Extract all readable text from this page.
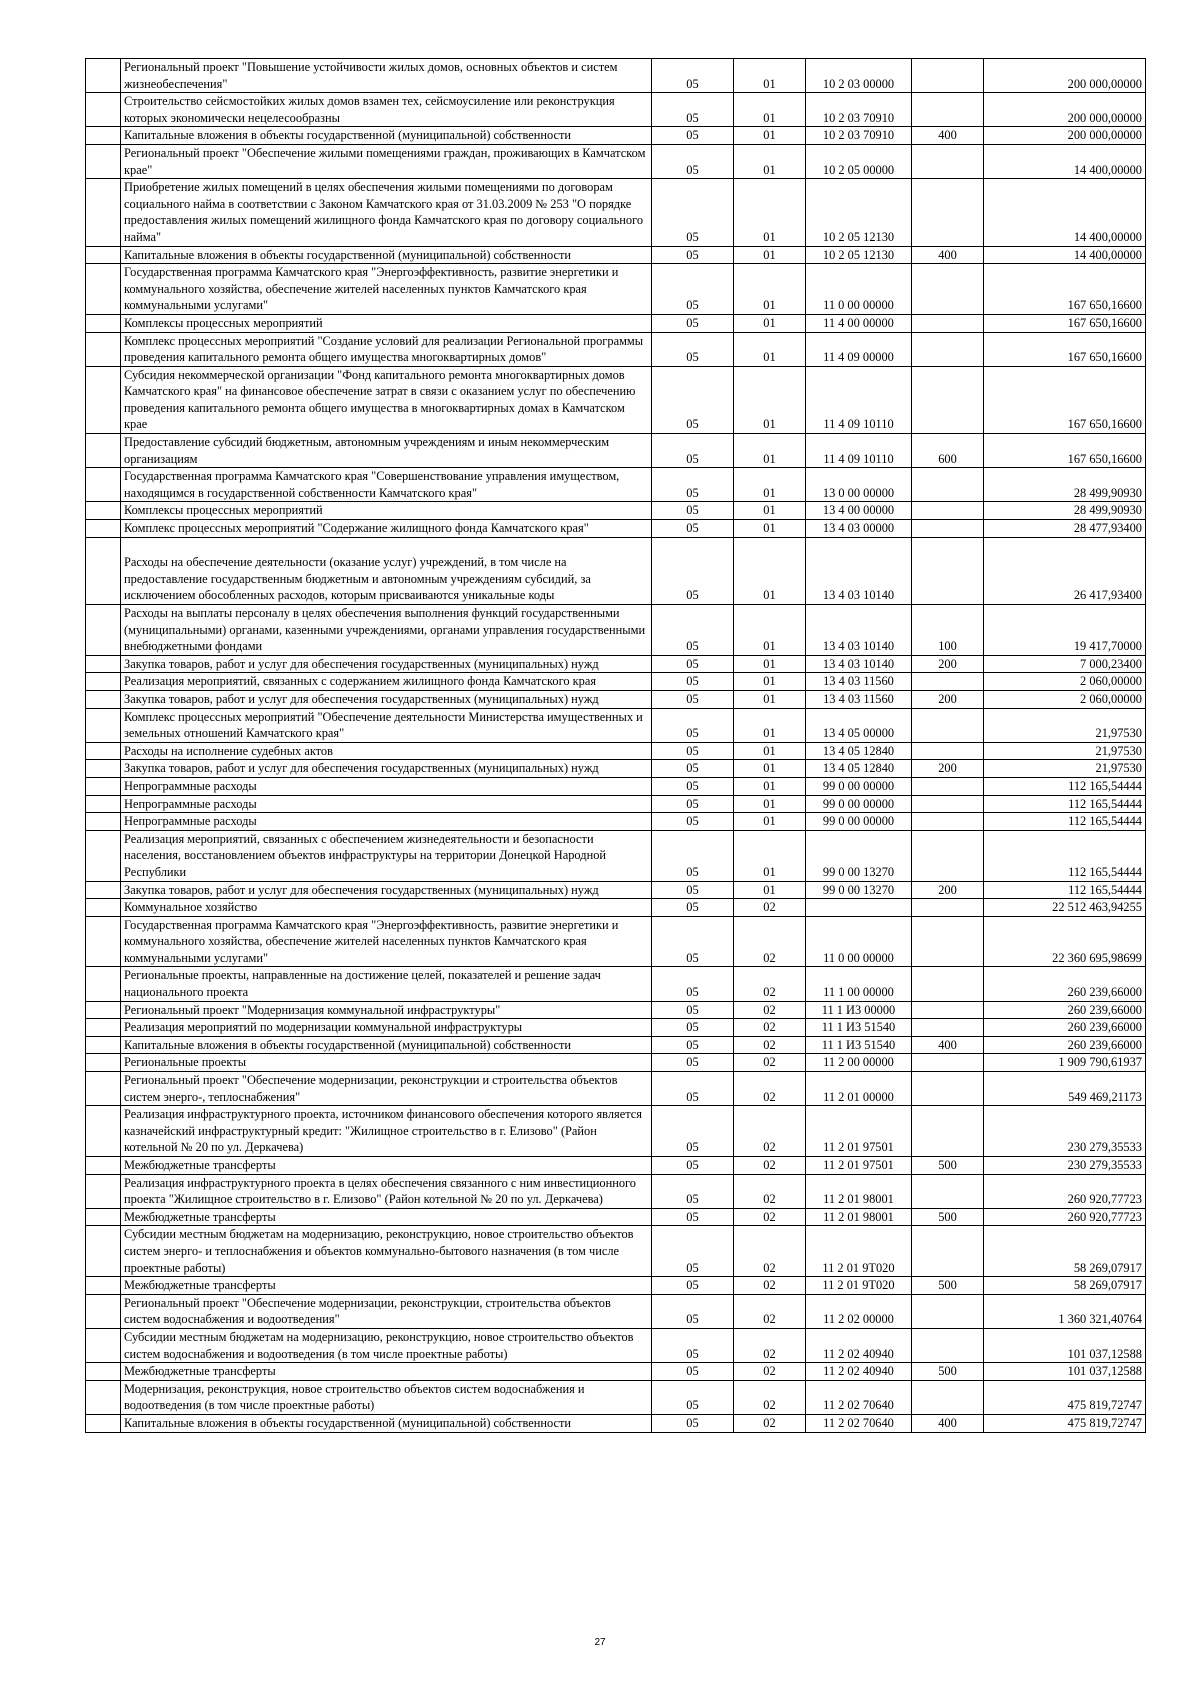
	Региональный проект "Повышение устойчивости жилых домов, основных объектов и систем жизнеобеспечения"	05	01	10 2 03 00000		200 000,00000
	Строительство сейсмостойких жилых домов взамен тех, сейсмоусиление или реконструкция которых экономически нецелесообразны	05	01	10 2 03 70910		200 000,00000
	Капитальные вложения в объекты государственной (муниципальной) собственности	05	01	10 2 03 70910	400	200 000,00000
	Региональный проект "Обеспечение жилыми помещениями граждан, проживающих в Камчатском крае"	05	01	10 2 05 00000		14 400,00000
	Приобретение жилых помещений в целях обеспечения жилыми помещениями по договорам социального найма в соответствии с Законом Камчатского края от 31.03.2009 № 253 "О порядке предоставления жилых помещений жилищного фонда Камчатского края по договору социального найма"	05	01	10 2 05 12130		14 400,00000
	Капитальные вложения в объекты государственной (муниципальной) собственности	05	01	10 2 05 12130	400	14 400,00000
	Государственная программа Камчатского края "Энергоэффективность, развитие энергетики и коммунального хозяйства, обеспечение жителей населенных пунктов Камчатского края коммунальными услугами"	05	01	11 0 00 00000		167 650,16600
	Комплексы процессных мероприятий	05	01	11 4 00 00000		167 650,16600
	Комплекс процессных мероприятий "Создание условий для реализации Региональной программы проведения капитального ремонта общего имущества многоквартирных домов"	05	01	11 4 09 00000		167 650,16600
	Субсидия некоммерческой организации "Фонд капитального ремонта многоквартирных домов Камчатского края" на финансовое обеспечение затрат в связи с оказанием услуг по обеспечению проведения капитального ремонта общего имущества в многоквартирных домах в Камчатском крае	05	01	11 4 09 10110		167 650,16600
	Предоставление субсидий бюджетным, автономным учреждениям и иным некоммерческим организациям	05	01	11 4 09 10110	600	167 650,16600
	Государственная программа Камчатского края "Совершенствование управления имуществом, находящимся в государственной собственности Камчатского края"	05	01	13 0 00 00000		28 499,90930
	Комплексы процессных мероприятий	05	01	13 4 00 00000		28 499,90930
	Комплекс процессных мероприятий "Содержание жилищного фонда Камчатского края"	05	01	13 4 03 00000		28 477,93400

Расходы на обеспечение деятельности (оказание услуг) учреждений, в том числе на предоставление государственным бюджетным и автономным учреждениям субсидий, за исключением обособленных расходов, которым присваиваются уникальные коды	05	01	13 4 03 10140		26 417,93400
	Расходы на выплаты персоналу в целях обеспечения выполнения функций государственными (муниципальными) органами, казенными учреждениями, органами управления государственными внебюджетными фондами	05	01	13 4 03 10140	100	19 417,70000
	Закупка товаров, работ и услуг для обеспечения государственных (муниципальных) нужд	05	01	13 4 03 10140	200	7 000,23400
	Реализация мероприятий, связанных с содержанием жилищного фонда Камчатского края	05	01	13 4 03 11560		2 060,00000
	Закупка товаров, работ и услуг для обеспечения государственных (муниципальных) нужд	05	01	13 4 03 11560	200	2 060,00000
	Комплекс процессных мероприятий "Обеспечение деятельности Министерства имущественных и земельных отношений Камчатского края"	05	01	13 4 05 00000		21,97530
	Расходы на исполнение судебных актов	05	01	13 4 05 12840		21,97530
	Закупка товаров, работ и услуг для обеспечения государственных (муниципальных) нужд	05	01	13 4 05 12840	200	21,97530
	Непрограммные расходы	05	01	99 0 00 00000		112 165,54444
	Непрограммные расходы	05	01	99 0 00 00000		112 165,54444
	Непрограммные расходы	05	01	99 0 00 00000		112 165,54444
	Реализация мероприятий, связанных с обеспечением жизнедеятельности и безопасности населения, восстановлением объектов инфраструктуры на территории Донецкой Народной Республики	05	01	99 0 00 13270		112 165,54444
	Закупка товаров, работ и услуг для обеспечения государственных (муниципальных) нужд	05	01	99 0 00 13270	200	112 165,54444
	Коммунальное хозяйство	05	02			22 512 463,94255
	Государственная программа Камчатского края "Энергоэффективность, развитие энергетики и коммунального хозяйства, обеспечение жителей населенных пунктов Камчатского края коммунальными услугами"	05	02	11 0 00 00000		22 360 695,98699
	Региональные проекты, направленные на достижение целей, показателей и решение задач национального проекта	05	02	11 1 00 00000		260 239,66000
	Региональный проект "Модернизация коммунальной инфраструктуры"	05	02	11 1 И3 00000		260 239,66000
	Реализация мероприятий по модернизации коммунальной инфраструктуры	05	02	11 1 И3 51540		260 239,66000
	Капитальные вложения в объекты государственной (муниципальной) собственности	05	02	11 1 И3 51540	400	260 239,66000
	Региональные проекты	05	02	11 2 00 00000		1 909 790,61937
	Региональный проект "Обеспечение модернизации, реконструкции и строительства объектов систем энерго-, теплоснабжения"	05	02	11 2 01 00000		549 469,21173
	Реализация инфраструктурного проекта, источником финансового обеспечения которого является казначейский инфраструктурный кредит: "Жилищное строительство в г. Елизово" (Район котельной № 20 по ул. Деркачева)	05	02	11 2 01 97501		230 279,35533
	Межбюджетные трансферты	05	02	11 2 01 97501	500	230 279,35533
	Реализация инфраструктурного проекта в целях обеспечения связанного с ним инвестиционного проекта "Жилищное строительство в г. Елизово" (Район котельной № 20 по ул. Деркачева)	05	02	11 2 01 98001		260 920,77723
	Межбюджетные трансферты	05	02	11 2 01 98001	500	260 920,77723
	Субсидии местным бюджетам на модернизацию, реконструкцию, новое строительство объектов систем энерго- и теплоснабжения и объектов коммунально-бытового назначения (в том числе проектные работы)	05	02	11 2 01 9Т020		58 269,07917
	Межбюджетные трансферты	05	02	11 2 01 9Т020	500	58 269,07917
	Региональный проект "Обеспечение модернизации, реконструкции, строительства объектов систем водоснабжения и водоотведения"	05	02	11 2 02 00000		1 360 321,40764
	Субсидии местным бюджетам на модернизацию, реконструкцию, новое строительство объектов систем водоснабжения и водоотведения (в том числе проектные работы)	05	02	11 2 02 40940		101 037,12588
	Межбюджетные трансферты	05	02	11 2 02 40940	500	101 037,12588
	Модернизация, реконструкция, новое строительство объектов систем водоснабжения и водоотведения (в том числе проектные работы)	05	02	11 2 02 70640		475 819,72747
	Капитальные вложения в объекты государственной (муниципальной) собственности	05	02	11 2 02 70640	400	475 819,72747
27
